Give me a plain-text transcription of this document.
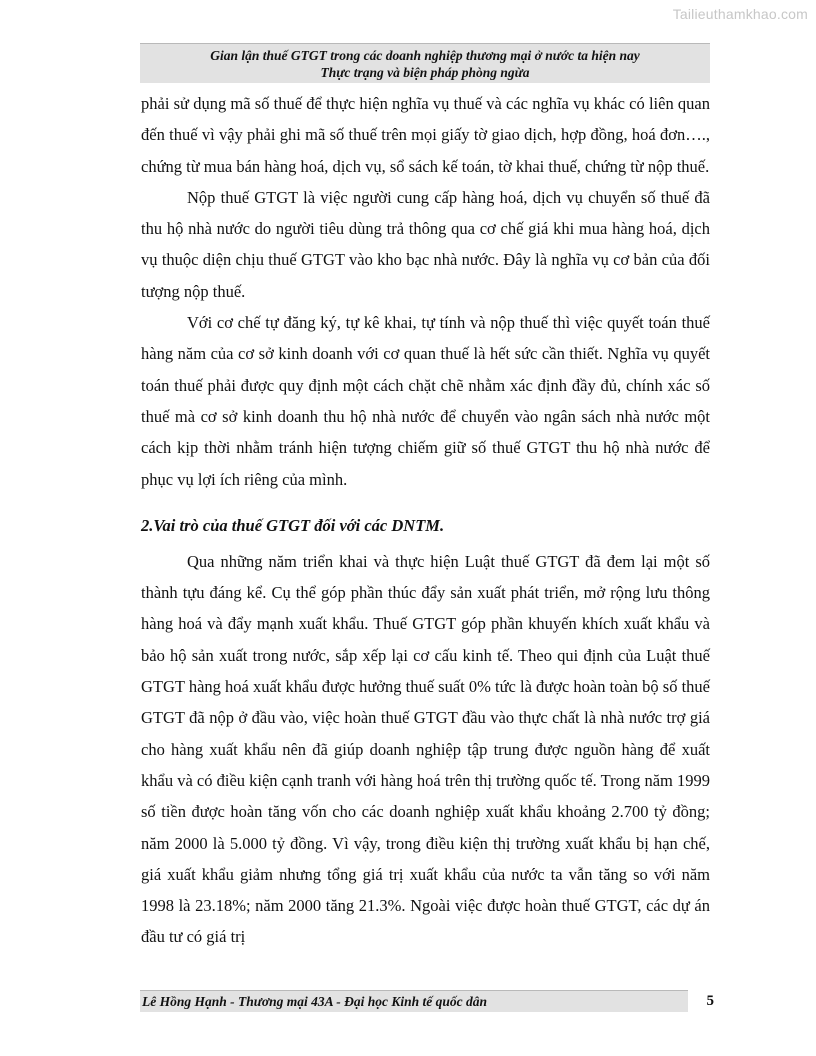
Tailieuthamkhao.com
Gian lận thuế GTGT trong các doanh nghiệp thương mại ở nước ta hiện nay
Thực trạng và biện pháp phòng ngừa

phải sử dụng mã số thuế để thực hiện nghĩa vụ thuế và các nghĩa vụ khác có liên quan đến thuế vì vậy phải ghi mã số thuế trên mọi giấy tờ giao dịch, hợp đồng, hoá đơn…., chứng từ mua bán hàng hoá, dịch vụ, sổ sách kế toán, tờ khai thuế, chứng từ nộp thuế.

Nộp thuế GTGT là việc người cung cấp hàng hoá, dịch vụ chuyển số thuế đã thu hộ nhà nước do người tiêu dùng trả thông qua cơ chế giá khi mua hàng hoá, dịch vụ thuộc diện chịu thuế GTGT vào kho bạc nhà nước. Đây là nghĩa vụ cơ bản của đối tượng nộp thuế.

Với cơ chế tự đăng ký, tự kê khai, tự tính và nộp thuế thì việc quyết toán thuế hàng năm của cơ sở kinh doanh với cơ quan thuế là hết sức cần thiết. Nghĩa vụ quyết toán thuế phải được quy định một cách chặt chẽ nhằm xác định đầy đủ, chính xác số thuế mà cơ sở kinh doanh thu hộ nhà nước để chuyển vào ngân sách nhà nước một cách kịp thời nhằm tránh hiện tượng chiếm giữ số thuế GTGT thu hộ nhà nước để phục vụ lợi ích riêng của mình.

2.Vai trò của thuế GTGT đối với các DNTM.

Qua những năm triển khai và thực hiện Luật thuế GTGT đã đem lại một số thành tựu đáng kể. Cụ thể góp phần thúc đẩy sản xuất phát triển, mở rộng lưu thông hàng hoá và đẩy mạnh xuất khẩu. Thuế GTGT góp phần khuyến khích xuất khẩu và bảo hộ sản xuất trong nước, sắp xếp lại cơ cấu kinh tế. Theo qui định của Luật thuế GTGT hàng hoá xuất khẩu được hưởng thuế suất 0% tức là được hoàn toàn bộ số thuế GTGT đã nộp ở đầu vào, việc hoàn thuế GTGT đầu vào thực chất là nhà nước trợ giá cho hàng xuất khẩu nên đã giúp doanh nghiệp tập trung được nguồn hàng để xuất khẩu và có điều kiện cạnh tranh với hàng hoá trên thị trường quốc tế. Trong năm 1999 số tiền được hoàn tăng vốn cho các doanh nghiệp xuất khẩu khoảng 2.700 tỷ đồng; năm 2000 là 5.000 tỷ đồng. Vì vậy, trong điều kiện thị trường xuất khẩu bị hạn chế, giá xuất khẩu giảm nhưng tổng giá trị xuất khẩu của nước ta vẫn tăng so với năm 1998 là 23.18%; năm 2000 tăng 21.3%. Ngoài việc được hoàn thuế GTGT, các dự án đầu tư có giá trị

Lê Hồng Hạnh - Thương mại 43A - Đại học Kinh tế quốc dân	5
